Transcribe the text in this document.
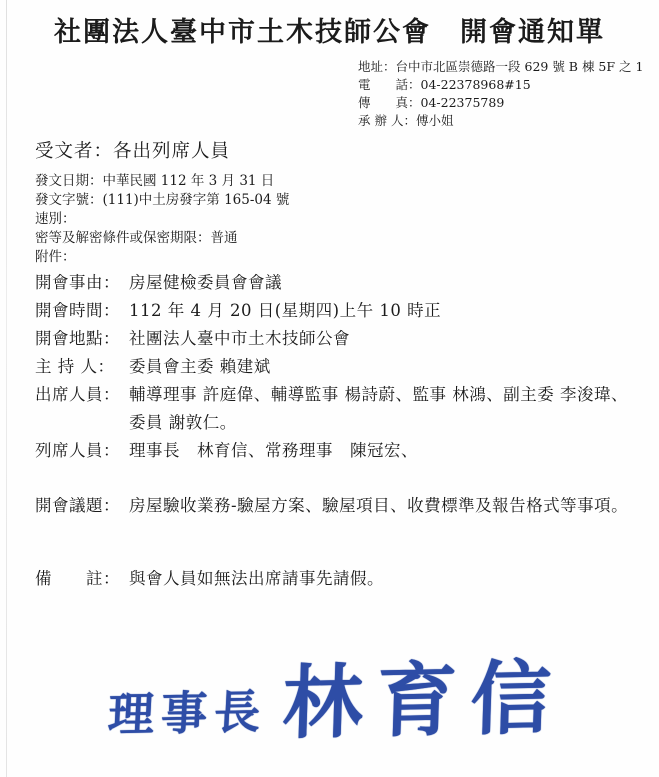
社團法人臺中市土木技師公會　開會通知單
地址：台中市北區崇德路一段 629 號 B 棟 5F 之 1
電　　話：04-22378968#15
傳　　真：04-22375789
承 辦 人：傅小姐
受文者：各出列席人員
發文日期：中華民國 112 年 3 月 31 日
發文字號：(111)中土房發字第 165-04 號
速別：
密等及解密條件或保密期限：普通
附件：
開會事由： 房屋健檢委員會會議
開會時間： 112 年 4 月 20 日(星期四)上午 10 時正
開會地點： 社團法人臺中市土木技師公會
主 持 人： 委員會主委 賴建斌
出席人員： 輔導理事 許庭偉、輔導監事 楊詩蔚、監事 林鴻、副主委 李浚瑋、委員 謝敦仁。
列席人員： 理事長　林育信、常務理事　陳冠宏、
開會議題： 房屋驗收業務-驗屋方案、驗屋項目、收費標準及報告格式等事項。
備　　註： 與會人員如無法出席請事先請假。
理事長 林育信
